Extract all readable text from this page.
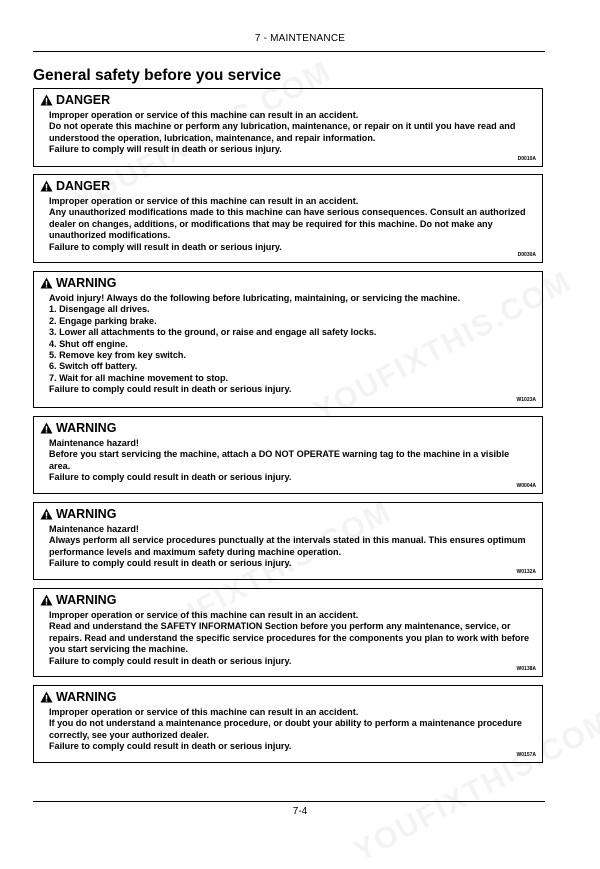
7 - MAINTENANCE
General safety before you service
DANGER
Improper operation or service of this machine can result in an accident.
Do not operate this machine or perform any lubrication, maintenance, or repair on it until you have read and understood the operation, lubrication, maintenance, and repair information.
Failure to comply will result in death or serious injury.
D0010A
DANGER
Improper operation or service of this machine can result in an accident.
Any unauthorized modifications made to this machine can have serious consequences. Consult an authorized dealer on changes, additions, or modifications that may be required for this machine. Do not make any unauthorized modifications.
Failure to comply will result in death or serious injury.
D0030A
WARNING
Avoid injury! Always do the following before lubricating, maintaining, or servicing the machine.
1. Disengage all drives.
2. Engage parking brake.
3. Lower all attachments to the ground, or raise and engage all safety locks.
4. Shut off engine.
5. Remove key from key switch.
6. Switch off battery.
7. Wait for all machine movement to stop.
Failure to comply could result in death or serious injury.
W1023A
WARNING
Maintenance hazard!
Before you start servicing the machine, attach a DO NOT OPERATE warning tag to the machine in a visible area.
Failure to comply could result in death or serious injury.
W0004A
WARNING
Maintenance hazard!
Always perform all service procedures punctually at the intervals stated in this manual. This ensures optimum performance levels and maximum safety during machine operation.
Failure to comply could result in death or serious injury.
W0132A
WARNING
Improper operation or service of this machine can result in an accident.
Read and understand the SAFETY INFORMATION Section before you perform any maintenance, service, or repairs. Read and understand the specific service procedures for the components you plan to work with before you start servicing the machine.
Failure to comply could result in death or serious injury.
W0138A
WARNING
Improper operation or service of this machine can result in an accident.
If you do not understand a maintenance procedure, or doubt your ability to perform a maintenance procedure correctly, see your authorized dealer.
Failure to comply could result in death or serious injury.
W0157A
7-4
